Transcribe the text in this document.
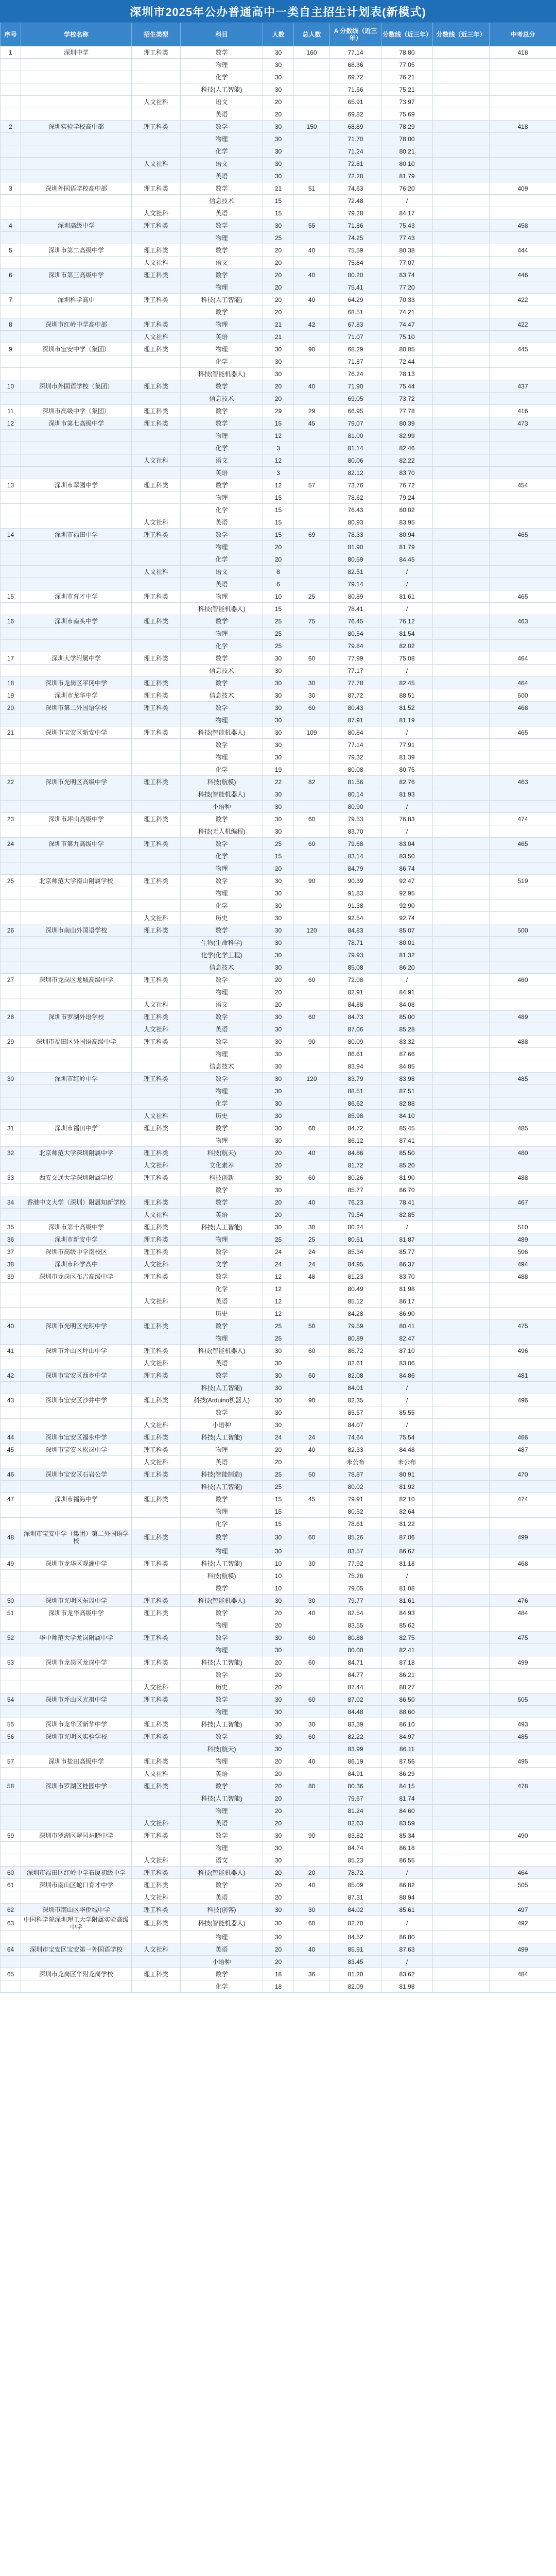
深圳市2025年公办普通高中一类自主招生计划表(新模式)
序号	学校名称	招生类型	科目	人数	总人数	A 分数线（近三年）	分数线（近三年）	分数线（近三年）	中考总分
1	深圳中学	理工科类	数学	30	160	77.14	78.80		418
			物理	30		68.36	77.05		
			化学	30		69.72	76.21		
			科技(人工智能)	30		71.56	75.21		
		人文社科	语文	20		65.91	73.97		
			英语	20		69.82	75.69		
2	深圳实验学校高中部	理工科类	数学	30	150	68.89	78.29		418
			物理	30		71.70	78.00		
			化学	30		71.24	80.21		
		人文社科	语文	30		72.81	80.10		
			英语	30		72.28	81.79		
3	深圳外国语学校高中部	理工科类	数学	21	51	74.63	76.20		409
			信息技术	15		72.48	/		
		人文社科	英语	15		79.28	84.17		
4	深圳高级中学	理工科类	数学	30	55	71.86	75.43		458
			物理	25		74.25	77.43		
5	深圳市第二高级中学	理工科类	数学	20	40	75.59	80.38		444
		人文社科	语文	20		75.84	77.07		
6	深圳市第三高级中学	理工科类	数学	20	40	80.20	83.74		446
			物理	20		75.41	77.20		
7	深圳科学高中	理工科类	科技(人工智能)	20	40	64.29	70.33		422
			数学	20		68.51	74.21		
8	深圳市红岭中学高中部	理工科类	物理	21	42	67.83	74.47		422
		人文社科	英语	21		71.07	75.10		
9	深圳市宝安中学（集团）	理工科类	物理	30	90	68.29	80.05		445
			化学	30		71.87	72.44		
			科技(智能机器人)	30		76.24	78.13		
10	深圳市外国语学校（集团）	理工科类	数学	20	40	71.90	75.44		437
			信息技术	20		69.05	73.72		
11	深圳市高级中学（集团）	理工科类	数学	29	29	66.95	77.78		416
12	深圳市第七高级中学	理工科类	数学	15	45	79.07	80.39		473
			物理	12		81.00	82.99		
			化学	3		81.14	82.46		
		人文社科	语文	12		80.06	82.22		
			英语	3		82.12	83.70		
13	深圳市翠园中学	理工科类	数学	12	57	73.76	76.72		454
			物理	15		78.62	79.24		
			化学	15		76.43	80.02		
		人文社科	英语	15		80.93	83.95		
14	深圳市福田中学	理工科类	数学	15	69	78.33	80.94		465
			物理	20		81.90	81.79		
			化学	20		80.59	84.45		
		人文社科	语文	8		82.51	/		
			英语	6		79.14	/		
15	深圳市育才中学	理工科类	物理	10	25	80.89	81.61		465
			科技(智能机器人)	15		78.41	/		
16	深圳市南头中学	理工科类	数学	25	75	76.45	76.12		463
			物理	25		80.54	81.54		
			化学	25		79.84	82.02		
17	深圳大学附属中学	理工科类	数学	30	60	77.99	75.08		464
			信息技术	30		77.17	/		
18	深圳市龙岗区平冈中学	理工科类	数学	30	30	77.78	82.45		464
19	深圳市龙华中学	理工科类	信息技术	30	30	87.72	88.51		500
20	深圳市第二外国语学校	理工科类	数学	30	60	80.43	81.52		468
			物理	30		87.91	81.19		
21	深圳市宝安区新安中学	理工科类	科技(智能机器人)	30	109	80.84	/		465
			数学	30		77.14	77.91		
			物理	30		79.32	81.39		
			化学	19		80.08	80.75		
22	深圳市光明区高级中学	理工科类	科技(航模)	22	82	81.56	82.76		463
			科技(智能机器人)	30		80.14	81.93		
			小语种	30		80.90	/		
23	深圳市坪山高级中学	理工科类	数学	30	60	79.53	76.83		474
			科技(无人机编程)	30		83.70	/		
24	深圳市第九高级中学	理工科类	数学	25	60	79.68	83.04		465
			化学	15		83.14	83.50		
			物理	20		84.79	86.74		
25	北京师范大学南山附属学校	理工科类	数学	30	90	90.39	92.47		519
			物理	30		91.83	92.95		
			化学	30		91.38	92.90		
		人文社科	历史	30		92.54	92.74		
26	深圳市南山外国语学校	理工科类	数学	30	120	84.83	85.07		500
			生物(生命科学)	30		78.71	80.01		
			化学(化学工程)	30		79.93	81.32		
			信息技术	30		85.08	86.20		
27	深圳市龙岗区龙城高级中学	理工科类	数学	20	60	72.08	/		460
			物理	20		82.91	84.91		
		人文社科	语文	20		84.88	84.08		
28	深圳市罗湖外语学校	理工科类	数学	30	60	84.73	85.00		489
		人文社科	英语	30		87.06	85.28		
29	深圳市福田区外国语高级中学	理工科类	数学	30	90	80.09	83.32		488
			物理	30		86.61	87.66		
			信息技术	30		83.94	84.85		
30	深圳市红岭中学	理工科类	数学	30	120	83.79	83.98		485
			物理	30		88.51	87.51		
			化学	30		86.62	82.88		
		人文社科	历史	30		85.98	84.10		
31	深圳市福田中学	理工科类	数学	30	60	84.72	85.45		485
			物理	30		86.12	87.41		
32	北京师范大学深圳附属中学	理工科类	科技(航天)	20	40	84.86	85.50		480
		人文社科	文化素养	20		81.72	85.20		
33	西安交通大学深圳附属学校	理工科类	科技创新	30	60	80.26	81.90		488
			数学	30		85.77	86.70		
34	香港中文大学（深圳）附属知新学校	理工科类	数学	20	40	76.23	78.41		467
		人文社科	英语	20		79.54	82.85		
35	深圳市第十高级中学	理工科类	科技(人工智能)	30	30	80.24	/		510
36	深圳市新安中学	理工科类	物理	25	25	80.51	81.87		489
37	深圳市高级中学南校区	理工科类	数学	24	24	85.34	85.77		506
38	深圳市科学高中	人文社科	文学	24	24	84.95	86.37		494
39	深圳市龙岗区布吉高级中学	理工科类	数学	12	48	81.23	83.70		488
			化学	12		80.49	81.98		
		人文社科	英语	12		85.12	86.17		
			历史	12		84.28	86.90		
40	深圳市光明区光明中学	理工科类	数学	25	50	79.59	80.41		475
			物理	25		80.89	82.47		
41	深圳市坪山区坪山中学	理工科类	科技(智能机器人)	30	60	86.72	87.10		496
		人文社科	英语	30		82.61	83.06		
42	深圳市宝安区西乡中学	理工科类	数学	30	60	82.08	84.86		481
			科技(人工智能)	30		84.01	/		
43	深圳市宝安区沙井中学	理工科类	科技(Arduino机器人)	30	90	82.35	/		496
			数学	30		85.57	85.55		
		人文社科	小语种	30		84.07	/		
44	深圳市宝安区福永中学	理工科类	科技(人工智能)	24	24	74.64	75.54		466
45	深圳市宝安区松岗中学	理工科类	物理	20	40	82.33	84.48		487
		人文社科	英语	20		未公布	未公布		
46	深圳市宝安区石岩公学	理工科类	科技(智能制造)	25	50	78.87	80.91		470
			科技(人工智能)	25		80.02	81.92		
47	深圳市福海中学	理工科类	数学	15	45	79.91	82.10		474
			物理	15		80.52	82.64		
			化学	15		78.61	81.22		
48	深圳市宝安中学（集团）第二外国语学校	理工科类	数学	30	60	85.26	87.06		499
			物理	30		83.57	86.67		
49	深圳市龙华区观澜中学	理工科类	科技(人工智能)	10	30	77.92	81.18		468
			科技(航模)	10		75.26	/		
			数学	10		79.05	81.08		
50	深圳市光明区东周中学	理工科类	科技(智能机器人)	30	30	79.77	81.61		476
51	深圳市龙华高级中学	理工科类	数学	20	40	82.54	84.93		484
			物理	20		83.55	85.62		
52	华中师范大学龙岗附属中学	理工科类	数学	30	60	80.88	82.75		475
			物理	30		80.00	82.41		
53	深圳市龙岗区龙岗中学	理工科类	科技(人工智能)	20	60	84.71	87.18		499
			数学	20		84.77	86.21		
		人文社科	历史	20		87.44	88.27		
54	深圳市坪山区光祖中学	理工科类	数学	30	60	87.02	86.50		505
			物理	30		84.48	88.60		
55	深圳市龙华区新华中学	理工科类	科技(人工智能)	30	30	83.39	86.10		493
56	深圳市光明区实验学校	理工科类	数学	30	60	82.22	84.97		485
			科技(航天)	30		83.99	86.11		
57	深圳市盐田高级中学	理工科类	物理	20	40	86.19	87.56		495
		人文社科	英语	20		84.91	86.29		
58	深圳市罗湖区桂园中学	理工科类	数学	20	80	80.36	84.15		478
			科技(人工智能)	20		79.67	81.74		
			物理	20		81.24	84.60		
		人文社科	英语	20		82.63	83.59		
59	深圳市罗湖区翠园东晓中学	理工科类	数学	30	90	83.82	85.34		490
			物理	30		84.74	86.18		
		人文社科	语文	30		85.23	86.55		
60	深圳市福田区红岭中学石厦初级中学	理工科类	科技(智能机器人)	20	20	78.72	/		464
61	深圳市南山区蛇口育才中学	理工科类	数学	20	40	85.09	86.82		505
		人文社科	英语	20		87.31	88.94		
62	深圳市南山区华侨城中学	理工科类	科技(创客)	30	30	84.02	85.61		497
63	中国科学院深圳理工大学附属实验高级中学	理工科类	科技(智能机器人)	30	60	82.70	/		492
			物理	30		84.52	86.80		
64	深圳市宝安区宝安第一外国语学校	人文社科	英语	20	40	85.91	87.63		499
			小语种	20		83.45	/		
65	深圳市龙岗区华附龙岗学校	理工科类	数学	18	36	81.20	83.62		484
			化学	18		82.09	81.98		
